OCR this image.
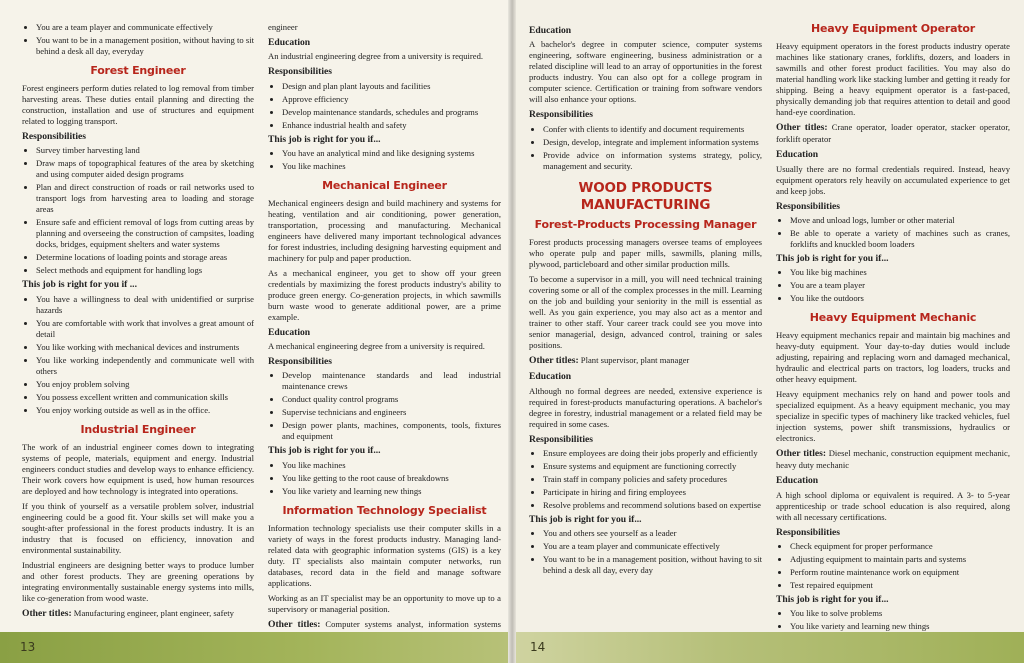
• You are a team player and communicate effectively
• You want to be in a management position, without having to sit behind a desk all day, everyday
Forest Engineer

Forest engineers perform duties related to log removal from timber harvesting areas. These duties entail planning and directing the construction, installation and use of structures and equipment related to logging transport.

Responsibilities
• Survey timber harvesting land
• Draw maps of topographical features of the area by sketching and using computer aided design programs
• Plan and direct construction of roads or rail networks used to transport logs from harvesting area to loading and storage areas
• Ensure safe and efficient removal of logs from cutting areas by planning and overseeing the construction of campsites, loading docks, bridges, equipment shelters and water systems
• Determine locations of loading points and storage areas
• Select methods and equipment for handling logs
This job is right for you if ...
• You have a willingness to deal with unidentified or surprise hazards
• You are comfortable with work that involves a great amount of detail
• You like working with mechanical devices and instruments
• You like working independently and communicate well with others
• You enjoy problem solving
• You possess excellent written and communication skills
• You enjoy working outside as well as in the office.
Industrial Engineer

The work of an industrial engineer comes down to integrating systems of people, materials, equipment and energy. Industrial engineers conduct studies and develop ways to enhance efficiency. Their work covers how equipment is used, how human resources are deployed and how technology is integrated into operations.

If you think of yourself as a versatile problem solver, industrial engineering could be a good fit. Your skills set will make you a sought-after professional in the forest products industry. It is an industry that is focused on efficiency, innovation and environmental sustainability.

Industrial engineers are designing better ways to produce lumber and other forest products. They are greening operations by integrating environmentally sustainable energy systems into mills, like co-generation from wood waste.

Other titles: Manufacturing engineer, plant engineer, safety

engineer

Education

An industrial engineering degree from a university is required.

Responsibilities
• Design and plan plant layouts and facilities
• Approve efficiency
• Develop maintenance standards, schedules and programs
• Enhance industrial health and safety
This job is right for you if...
• You have an analytical mind and like designing systems
• You like machines
Mechanical Engineer

Mechanical engineers design and build machinery and systems for heating, ventilation and air conditioning, power generation, transportation, processing and manufacturing. Mechanical engineers have delivered many important technological advances for forest industries, including designing harvesting equipment and machinery for pulp and paper production.

As a mechanical engineer, you get to show off your green credentials by maximizing the forest products industry's ability to produce green energy. Co-generation projects, in which sawmills burn waste wood to generate additional power, are a prime example.

Education

A mechanical engineering degree from a university is required.

Responsibilities
• Develop maintenance standards and lead industrial maintenance crews
• Conduct quality control programs
• Supervise technicians and engineers
• Design power plants, machines, components, tools, fixtures and equipment
This job is right for you if...
• You like machines
• You like getting to the root cause of breakdowns
• You like variety and learning new things
Information Technology Specialist

Information technology specialists use their computer skills in a variety of ways in the forest products industry. Managing land-related data with geographic information systems (GIS) is a key duty. IT specialists also maintain computer networks, run databases, record data in the field and manage software applications.

Working as an IT specialist may be an opportunity to move up to a supervisory or managerial position.

Other titles: Computer systems analyst, information systems

Education

A bachelor's degree in computer science, computer systems engineering, software engineering, business administration or a related discipline will lead to an array of opportunities in the forest products industry. You can also opt for a college program in computer science. Certification or training from software vendors will also enhance your options.

Responsibilities
• Confer with clients to identify and document requirements
• Design, develop, integrate and implement information systems
• Provide advice on information systems strategy, policy, management and security.
WOOD PRODUCTS MANUFACTURING
Forest-Products Processing Manager

Forest products processing managers oversee teams of employees who operate pulp and paper mills, sawmills, planing mills, plywood, particleboard and other similar production mills.

To become a supervisor in a mill, you will need technical training covering some or all of the complex processes in the mill. Learning on the job and building your seniority in the mill is essential as well. As you gain experience, you may also act as a mentor and trainer to other staff. Your career track could see you move into senior managerial, design, advanced control, training or sales positions.

Other titles: Plant supervisor, plant manager

Education

Although no formal degrees are needed, extensive experience is required in forest-products manufacturing operations. A bachelor's degree in forestry, industrial management or a related field may be required in some cases.

Responsibilities
• Ensure employees are doing their jobs properly and efficiently
• Ensure systems and equipment are functioning correctly
• Train staff in company policies and safety procedures
• Participate in hiring and firing employees
• Resolve problems and recommend solutions based on expertise
This job is right for you if...
• You and others see yourself as a leader
• You are a team player and communicate effectively
• You want to be in a management position, without having to sit behind a desk all day, every day
Heavy Equipment Operator

Heavy equipment operators in the forest products industry operate machines like stationary cranes, forklifts, dozers, and loaders in sawmills and other forest product facilities. You may also do material handling work like stacking lumber and getting it ready for shipping. Being a heavy equipment operator is a fast-paced, physically demanding job that requires attention to detail and good hand-eye coordination.

Other titles: Crane operator, loader operator, stacker operator, forklift operator

Education

Usually there are no formal credentials required. Instead, heavy equipment operators rely heavily on accumulated experience to get and keep jobs.

Responsibilities
• Move and unload logs, lumber or other material
• Be able to operate a variety of machines such as cranes, forklifts and knuckled boom loaders
This job is right for you if...
• You like big machines
• You are a team player
• You like the outdoors
Heavy Equipment Mechanic

Heavy equipment mechanics repair and maintain big machines and heavy-duty equipment. Your day-to-day duties would include adjusting, repairing and replacing worn and damaged mechanical, hydraulic and electrical parts on tractors, log loaders, trucks and other heavy equipment.

Heavy equipment mechanics rely on hand and power tools and specialized equipment. As a heavy equipment mechanic, you may specialize in specific types of machinery like tracked vehicles, fuel injection systems, power shift transmissions, hydraulics or electronics.

Other titles: Diesel mechanic, construction equipment mechanic, heavy duty mechanic

Education

A high school diploma or equivalent is required. A 3- to 5-year apprenticeship or trade school education is also required, along with all necessary certifications.

Responsibilities
• Check equipment for proper performance
• Adjusting equipment to maintain parts and systems
• Perform routine maintenance work on equipment
• Test repaired equipment
This job is right for you if...
• You like to solve problems
• You like variety and learning new things
•
13	14
